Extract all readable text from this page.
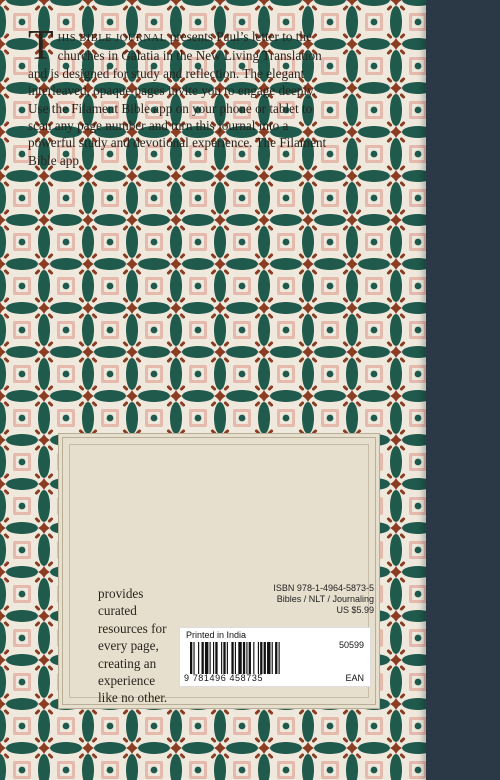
THIS BIBLE JOURNAL presents Paul’s letter to the churches in Galatia in the New Living Translation and is designed for study and reflection. The elegant interleaved, opaque pages invite you to engage deeply. Use the Filament Bible app on your phone or tablet to scan any page number and turn this journal into a powerful study and devotional experience. The Filament Bible app
provides curated resources for every page, creating an experience like no other.
ISBN 978-1-4964-5873-5
Bibles / NLT / Journaling
US $5.99
Printed in India
50599
9 781496 458735	EAN
